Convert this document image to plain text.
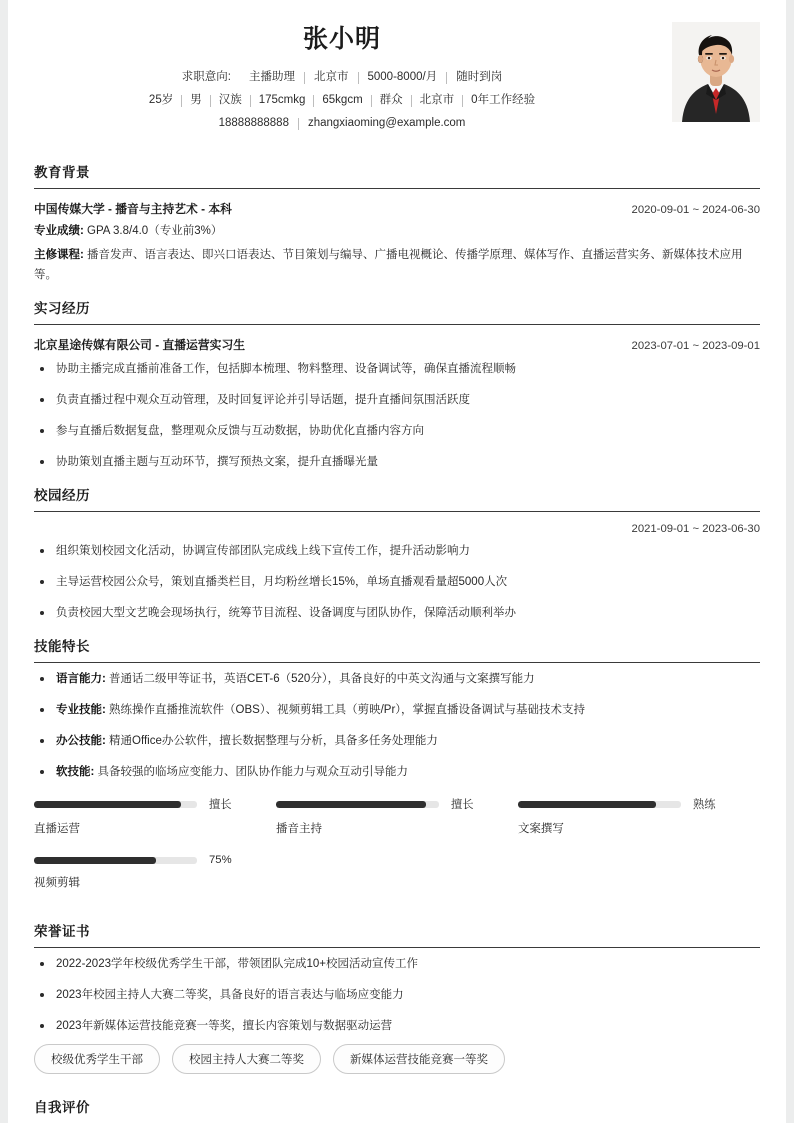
张小明
求职意向:	主播助理	北京市	5000-8000/月	随时到岗
25岁	男	汉族	175cmkg	65kgcm	群众	北京市	0年工作经验
18888888888	zhangxiaoming@example.com
教育背景
中国传媒大学 - 播音与主持艺术 - 本科	2020-09-01 ~ 2024-06-30
专业成绩: GPA 3.8/4.0（专业前3%）
主修课程: 播音发声、语言表达、即兴口语表达、节目策划与编导、广播电视概论、传播学原理、媒体写作、直播运营实务、新媒体技术应用等。
实习经历
北京星途传媒有限公司 - 直播运营实习生	2023-07-01 ~ 2023-09-01
协助主播完成直播前准备工作，包括脚本梳理、物料整理、设备调试等，确保直播流程顺畅
负责直播过程中观众互动管理，及时回复评论并引导话题，提升直播间氛围活跃度
参与直播后数据复盘，整理观众反馈与互动数据，协助优化直播内容方向
协助策划直播主题与互动环节，撰写预热文案，提升直播曝光量
校园经历
2021-09-01 ~ 2023-06-30
组织策划校园文化活动，协调宣传部团队完成线上线下宣传工作，提升活动影响力
主导运营校园公众号，策划直播类栏目，月均粉丝增长15%，单场直播观看量超5000人次
负责校园大型文艺晚会现场执行，统筹节目流程、设备调度与团队协作，保障活动顺利举办
技能特长
语言能力: 普通话二级甲等证书，英语CET-6（520分），具备良好的中英文沟通与文案撰写能力
专业技能: 熟练操作直播推流软件（OBS）、视频剪辑工具（剪映/Pr），掌握直播设备调试与基础技术支持
办公技能: 精通Office办公软件，擅长数据整理与分析，具备多任务处理能力
软技能: 具备较强的临场应变能力、团队协作能力与观众互动引导能力
擅长
直播运营
擅长
播音主持
熟练
文案撰写
75%
视频剪辑
荣誉证书
2022-2023学年校级优秀学生干部，带领团队完成10+校园活动宣传工作
2023年校园主持人大赛二等奖，具备良好的语言表达与临场应变能力
2023年新媒体运营技能竞赛一等奖，擅长内容策划与数据驱动运营
校级优秀学生干部	校园主持人大赛二等奖	新媒体运营技能竞赛一等奖
自我评价
